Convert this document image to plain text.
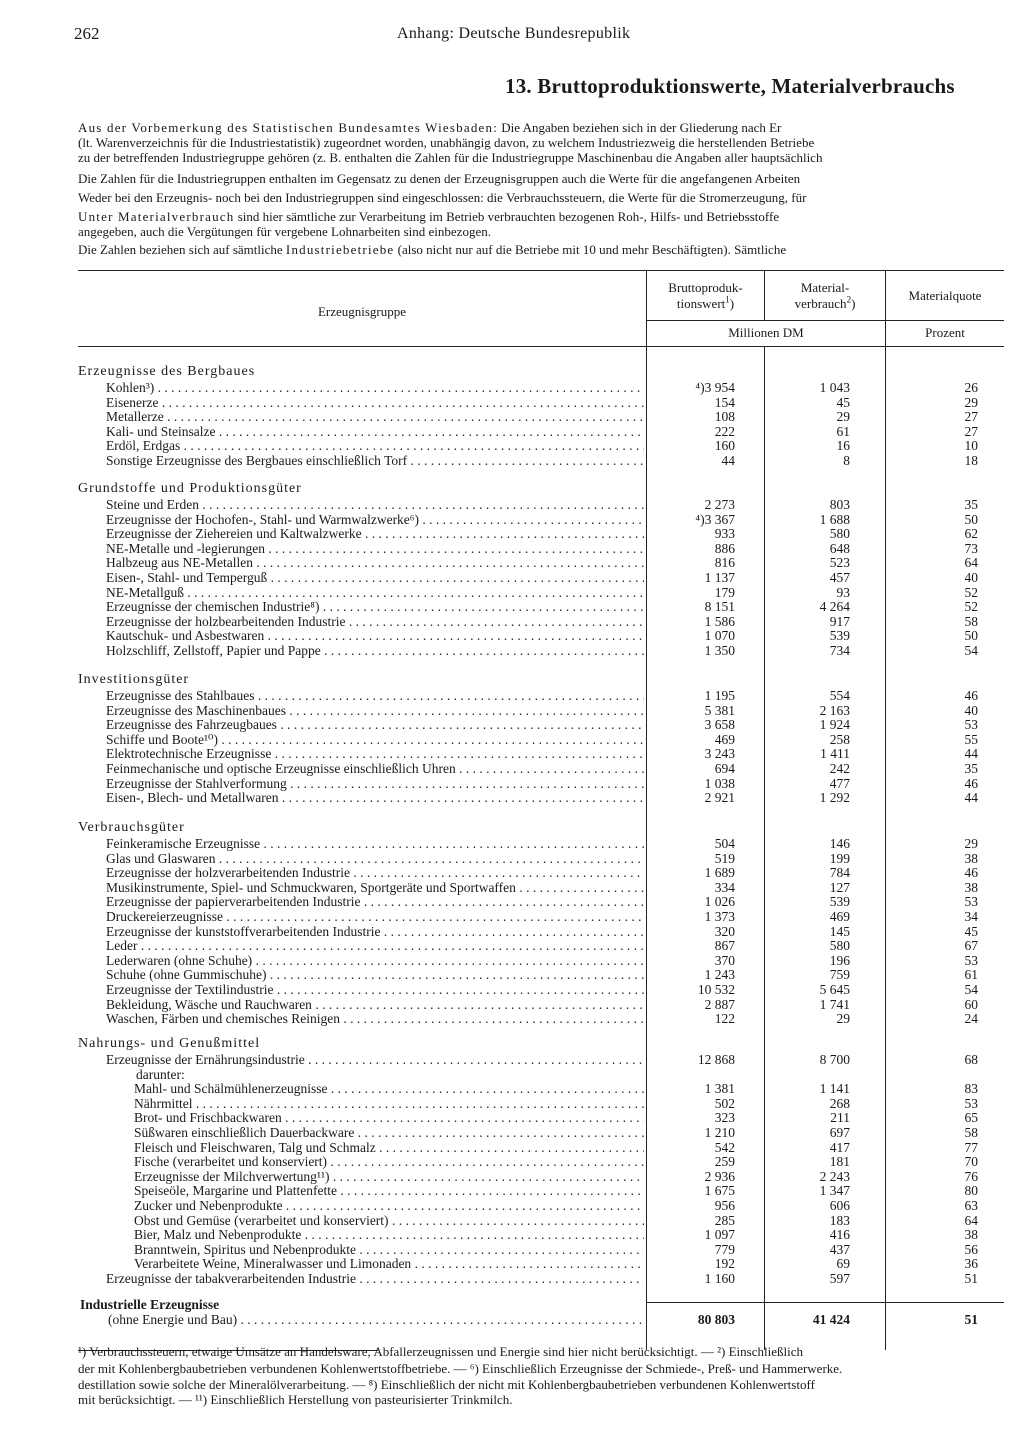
262	Anhang: Deutsche Bundesrepublik
13. Bruttoproduktionswerte, Materialverbrauchs
Aus der Vorbemerkung des Statistischen Bundesamtes Wiesbaden: Die Angaben beziehen sich in der Gliederung nach Er
(lt. Warenverzeichnis für die Industriestatistik) zugeordnet worden, unabhängig davon, zu welchem Industriezweig die herstellenden Betriebe
zu der betreffenden Industriegruppe gehören (z. B. enthalten die Zahlen für die Industriegruppe Maschinenbau die Angaben aller hauptsächlich
Die Zahlen für die Industriegruppen enthalten im Gegensatz zu denen der Erzeugnisgruppen auch die Werte für die angefangenen Arbeiten
Weder bei den Erzeugnis- noch bei den Industriegruppen sind eingeschlossen: die Verbrauchssteuern, die Werte für die Stromerzeugung, für
Unter Materialverbrauch sind hier sämtliche zur Verarbeitung im Betrieb verbrauchten bezogenen Roh-, Hilfs- und Betriebsstoffe
angegeben, auch die Vergütungen für vergebene Lohnarbeiten sind einbezogen.
Die Zahlen beziehen sich auf sämtliche Industriebetriebe (also nicht nur auf die Betriebe mit 10 und mehr Beschäftigten). Sämtliche
Erzeugnisgruppe
Bruttoproduk-
tionswert$^1$)
Material-
verbrauch$^2$)
Materialquote
Millionen DM	Prozent
Erzeugnisse des Bergbaues
Kohlen³) . . .	⁴)3 954	1 043	26
Eisenerze . . .	154	45	29
Metallerze . . .	108	29	27
Kali- und Steinsalze . . .	222	61	27
Erdöl, Erdgas . . .	160	16	10
Sonstige Erzeugnisse des Bergbaues einschließlich Torf . . .	44	8	18
Grundstoffe und Produktionsgüter
Steine und Erden . . .	2 273	803	35
Erzeugnisse der Hochofen-, Stahl- und Warmwalzwerke⁶) . . .	⁴)3 367	1 688	50
Erzeugnisse der Ziehereien und Kaltwalzwerke . . .	933	580	62
NE-Metalle und -legierungen . . .	886	648	73
Halbzeug aus NE-Metallen . . .	816	523	64
Eisen-, Stahl- und Temperguß . . .	1 137	457	40
NE-Metallguß . . .	179	93	52
Erzeugnisse der chemischen Industrie⁸) . . .	8 151	4 264	52
Erzeugnisse der holzbearbeitenden Industrie . . .	1 586	917	58
Kautschuk- und Asbestwaren . . .	1 070	539	50
Holzschliff, Zellstoff, Papier und Pappe . . .	1 350	734	54
Investitionsgüter
Erzeugnisse des Stahlbaues . . .	1 195	554	46
Erzeugnisse des Maschinenbaues . . .	5 381	2 163	40
Erzeugnisse des Fahrzeugbaues . . .	3 658	1 924	53
Schiffe und Boote¹⁰) . . .	469	258	55
Elektrotechnische Erzeugnisse . . .	3 243	1 411	44
Feinmechanische und optische Erzeugnisse einschließlich Uhren . . .	694	242	35
Erzeugnisse der Stahlverformung . . .	1 038	477	46
Eisen-, Blech- und Metallwaren . . .	2 921	1 292	44
Verbrauchsgüter
Feinkeramische Erzeugnisse . . .	504	146	29
Glas und Glaswaren . . .	519	199	38
Erzeugnisse der holzverarbeitenden Industrie . . .	1 689	784	46
Musikinstrumente, Spiel- und Schmuckwaren, Sportgeräte und Sportwaffen . . .	334	127	38
Erzeugnisse der papierverarbeitenden Industrie . . .	1 026	539	53
Druckereierzeugnisse . . .	1 373	469	34
Erzeugnisse der kunststoffverarbeitenden Industrie . . .	320	145	45
Leder . . .	867	580	67
Lederwaren (ohne Schuhe) . . .	370	196	53
Schuhe (ohne Gummischuhe) . . .	1 243	759	61
Erzeugnisse der Textilindustrie . . .	10 532	5 645	54
Bekleidung, Wäsche und Rauchwaren . . .	2 887	1 741	60
Waschen, Färben und chemisches Reinigen . . .	122	29	24
Nahrungs- und Genußmittel
Erzeugnisse der Ernährungsindustrie . . .	12 868	8 700	68
darunter:
Mahl- und Schälmühlenerzeugnisse . . .	1 381	1 141	83
Nährmittel . . .	502	268	53
Brot- und Frischbackwaren . . .	323	211	65
Süßwaren einschließlich Dauerbackware . . .	1 210	697	58
Fleisch und Fleischwaren, Talg und Schmalz . . .	542	417	77
Fische (verarbeitet und konserviert) . . .	259	181	70
Erzeugnisse der Milchverwertung¹¹) . . .	2 936	2 243	76
Speiseöle, Margarine und Plattenfette . . .	1 675	1 347	80
Zucker und Nebenprodukte . . .	956	606	63
Obst und Gemüse (verarbeitet und konserviert) . . .	285	183	64
Bier, Malz und Nebenprodukte . . .	1 097	416	38
Branntwein, Spiritus und Nebenprodukte . . .	779	437	56
Verarbeitete Weine, Mineralwasser und Limonaden . . .	192	69	36
Erzeugnisse der tabakverarbeitenden Industrie . . .	1 160	597	51
Industrielle Erzeugnisse
(ohne Energie und Bau) . . .	80 803	41 424	51
¹) Verbrauchssteuern, etwaige Umsätze an Handelsware, Abfallerzeugnissen und Energie sind hier nicht berücksichtigt. — ²) Einschließlich
der mit Kohlenbergbaubetrieben verbundenen Kohlenwertstoffbetriebe. — ⁶) Einschließlich Erzeugnisse der Schmiede-, Preß- und Hammerwerke.
destillation sowie solche der Mineralölverarbeitung. — ⁸) Einschließlich der nicht mit Kohlenbergbaubetrieben verbundenen Kohlenwertstoff
mit berücksichtigt. — ¹¹) Einschließlich Herstellung von pasteurisierter Trinkmilch.
